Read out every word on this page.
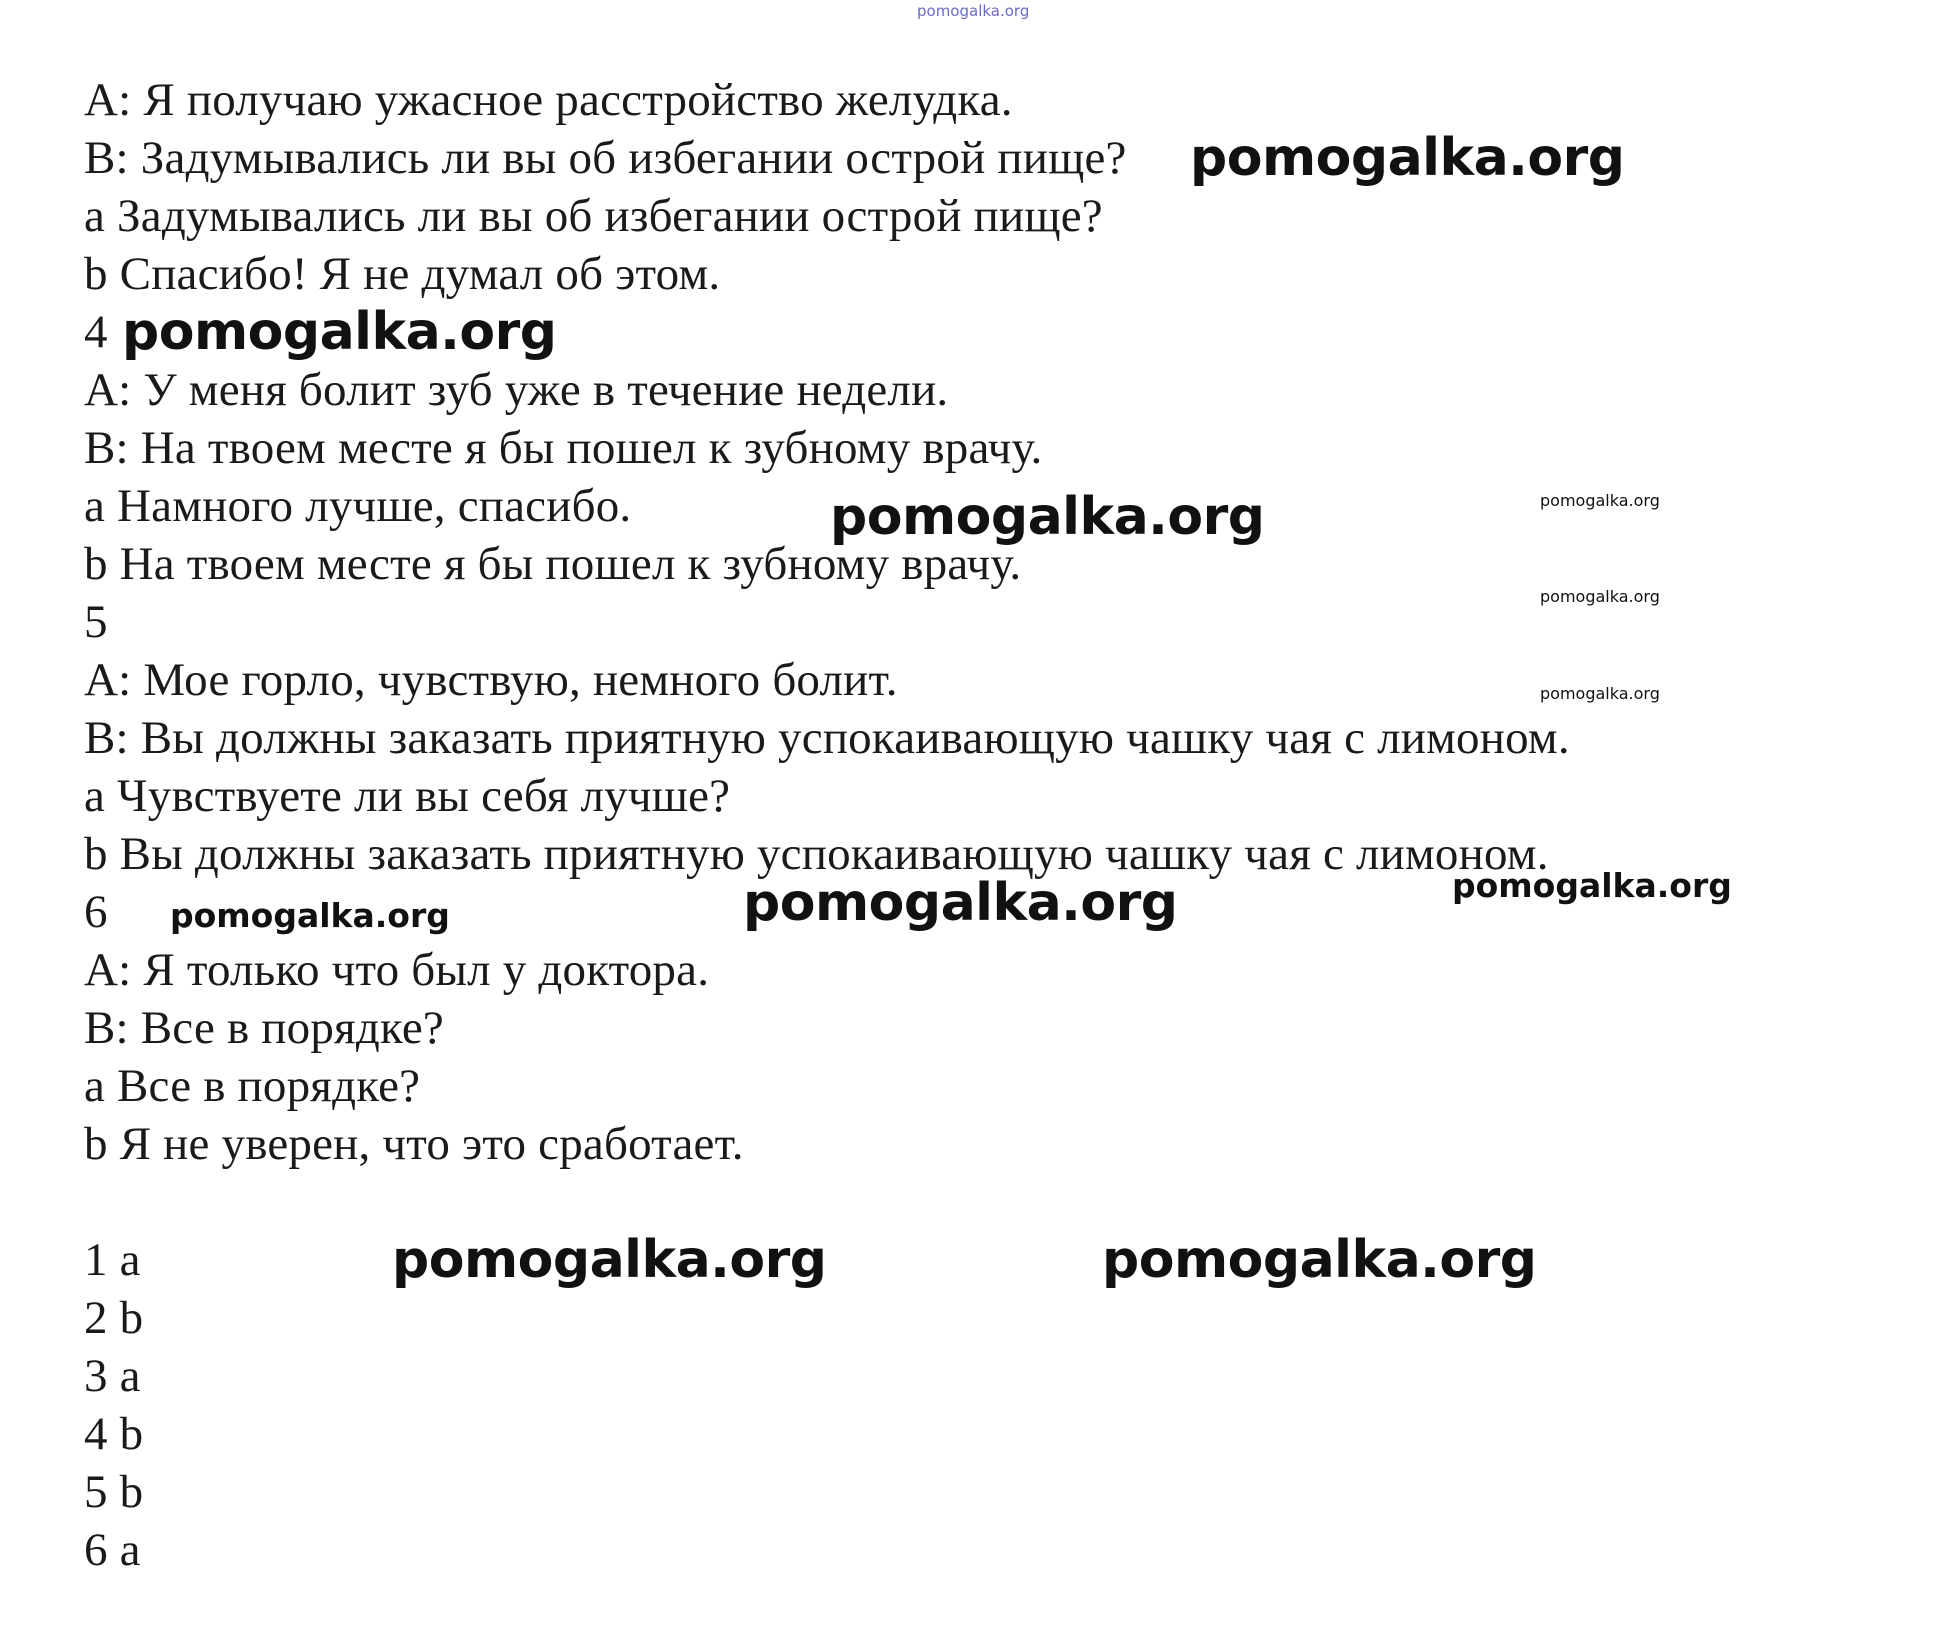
pomogalka.org
А: Я получаю ужасное расстройство желудка.
В: Задумывались ли вы об избегании острой пище?
a Задумывались ли вы об избегании острой пище?
b Спасибо! Я не думал об этом.
4
А: У меня болит зуб уже в течение недели.
В: На твоем месте я бы пошел к зубному врачу.
a Намного лучше, спасибо.
b На твоем месте я бы пошел к зубному врачу.
5
А: Мое горло, чувствую, немного болит.
В: Вы должны заказать приятную успокаивающую чашку чая с лимоном.
a Чувствуете ли вы себя лучше?
b Вы должны заказать приятную успокаивающую чашку чая с лимоном.
6
А: Я только что был у доктора.
В: Все в порядке?
a Все в порядке?
b Я не уверен, что это сработает.
1 a
2 b
3 a
4 b
5 b
6 a
pomogalka.org
pomogalka.org
pomogalka.org	pomogalka.org
pomogalka.org
pomogalka.org
pomogalka.org
pomogalka.org
pomogalka.org
pomogalka.org	pomogalka.org
